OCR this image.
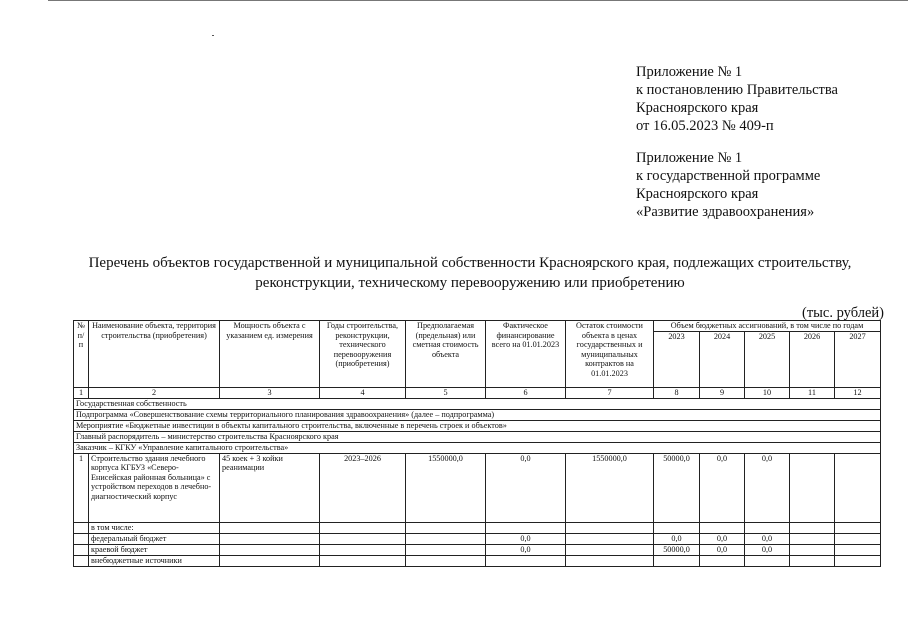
Приложение № 1
к постановлению Правительства
Красноярского края
от 16.05.2023 № 409-п
Приложение № 1
к государственной программе
Красноярского края
«Развитие здравоохранения»
Перечень объектов государственной и муниципальной собственности Красноярского края, подлежащих строительству,
реконструкции, техническому перевооружению или приобретению
(тыс. рублей)
№ п/п	Наименование объекта, территория строительства (приобретения)	Мощность объекта с указанием ед. измерения	Годы строительства, реконструкции, технического перевооружения (приобретения)	Предполагаемая (предельная) или сметная стоимость объекта	Фактическое финансирование всего на 01.01.2023	Остаток стоимости объекта в ценах государственных и муниципальных контрактов на 01.01.2023	Объем бюджетных ассигнований, в том числе по годам				
							2023	2024	2025	2026	2027
1	2	3	4	5	6	7	8	9	10	11	12
Государственная собственность											
Подпрограмма «Совершенствование схемы территориального планирования здравоохранения» (далее – подпрограмма)											
Мероприятие «Бюджетные инвестиции в объекты капитального строительства, включенные в перечень строек и объектов»											
Главный распорядитель – министерство строительства Красноярского края											
Заказчик – КГКУ «Управление капитального строительства»											
1	Строительство здания лечебного корпуса КГБУЗ «Северо-Енисейская районная больница» с устройством переходов в лечебно-диагностический корпус	45 коек + 3 койки реанимации	2023–2026	1550000,0	0,0	1550000,0	50000,0	0,0	0,0		
	в том числе:										
	федеральный бюджет				0,0		0,0	0,0	0,0		
	краевой бюджет				0,0		50000,0	0,0	0,0		
	внебюджетные источники										
